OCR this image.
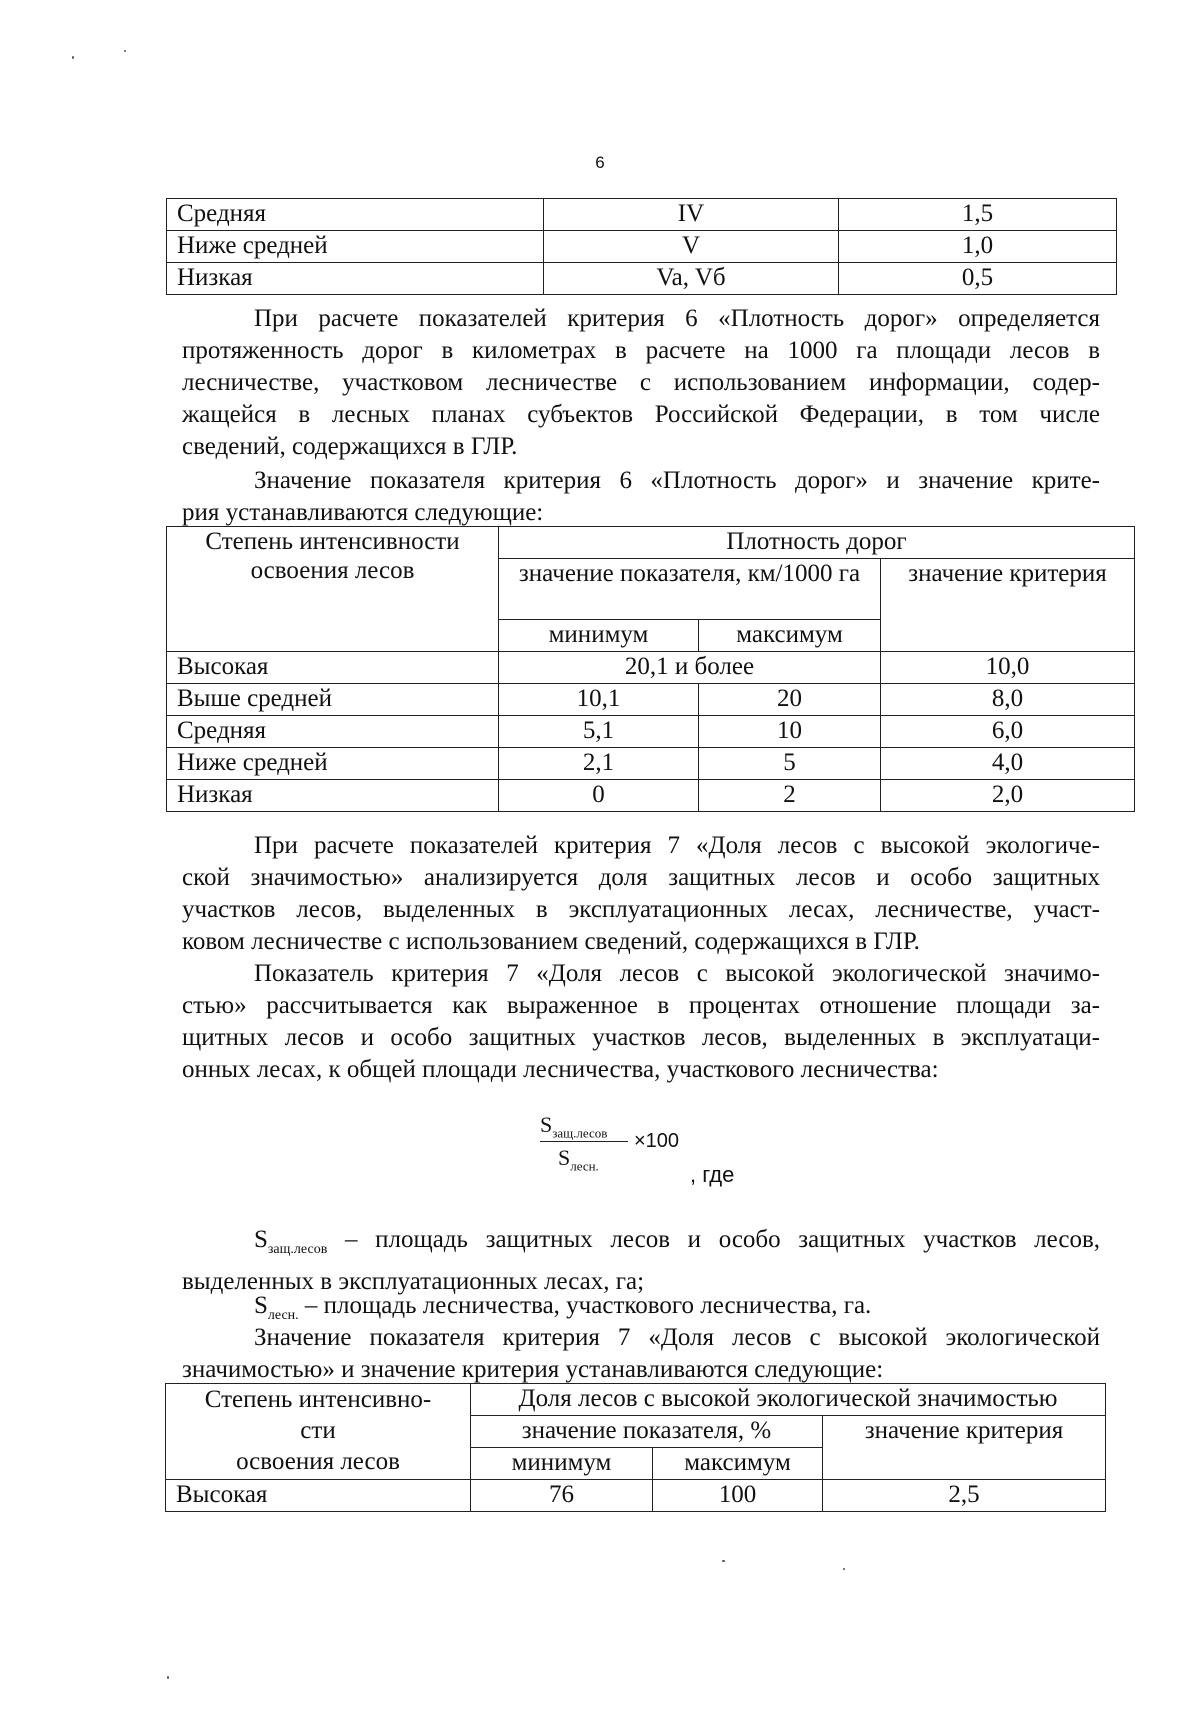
6
Средняя	IV	1,5
Ниже средней	V	1,0
Низкая	Va, Vб	0,5
При расчете показателей критерия 6 «Плотность дорог» определяется
протяженность дорог в километрах в расчете на 1000 га площади лесов в
лесничестве, участковом лесничестве с использованием информации, содер-
жащейся в лесных планах субъектов Российской Федерации, в том числе
сведений, содержащихся в ГЛР.
Значение показателя критерия 6 «Плотность дорог» и значение крите-
рия устанавливаются следующие:
Степень интенсивности освоения лесов	Плотность дорог		
	значение показателя, км/1000 га		значение критерия
	минимум	максимум	
Высокая	20,1 и более		10,0
Выше средней	10,1	20	8,0
Средняя	5,1	10	6,0
Ниже средней	2,1	5	4,0
Низкая	0	2	2,0
При расчете показателей критерия 7 «Доля лесов с высокой экологиче-
ской значимостью» анализируется доля защитных лесов и особо защитных
участков лесов, выделенных в эксплуатационных лесах, лесничестве, участ-
ковом лесничестве с использованием сведений, содержащихся в ГЛР.
Показатель критерия 7 «Доля лесов с высокой экологической значимо-
стью» рассчитывается как выраженное в процентах отношение площади за-
щитных лесов и особо защитных участков лесов, выделенных в эксплуатаци-
онных лесах, к общей площади лесничества, участкового лесничества:
$S_{защ.лесов}$
$S_{лесн.}$
×100
, где
$S_{защ.лесов}$ – площадь защитных лесов и особо защитных участков лесов,
выделенных в эксплуатационных лесах, га;
$S_{лесн.}$ – площадь лесничества, участкового лесничества, га.
Значение показателя критерия 7 «Доля лесов с высокой экологической
значимостью» и значение критерия устанавливаются следующие:
Степень интенсивно-
сти
освоения лесов	Доля лесов с высокой экологической значимостью		
	значение показателя, %		значение критерия
	минимум	максимум	
Высокая	76	100	2,5
